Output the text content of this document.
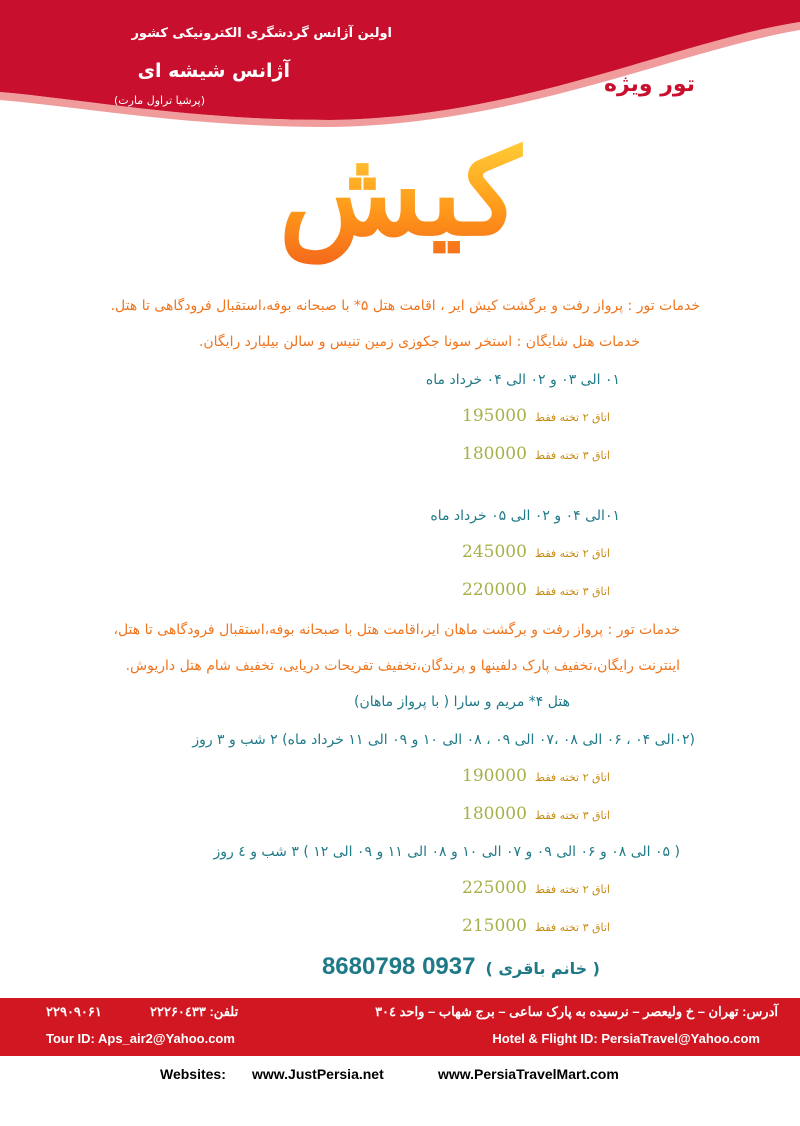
اولین آژانس گردشگری الکترونیکی کشور
آژانس شیشه ای
(پرشیا تراول مارت)
تور ویژه
کیش
خدمات تور : پرواز رفت و برگشت کیش ایر ، اقامت هتل ۵* با صبحانه بوفه،استقبال فرودگاهی تا هتل.
خدمات هتل شایگان : استخر سونا جکوزی زمین تنیس و سالن بیلیارد رایگان.
۰۱ الی ۰۳ و ۰۲ الی ۰۴ خرداد ماه
اتاق ۲ تخته فقط195000
اتاق ۳ تخته فقط180000
۰۱الی ۰۴ و ۰۲ الی ۰۵ خرداد ماه
اتاق ۲ تخته فقط245000
اتاق ۳ تخته فقط220000
خدمات تور : پرواز رفت و برگشت ماهان ایر،اقامت هتل با صبحانه بوفه،استقبال فرودگاهی تا هتل،
اینترنت رایگان،تخفیف پارک دلفینها و پرندگان،تخفیف تفریحات دریایی، تخفیف شام هتل داریوش.
هتل ۴* مریم و سارا ( با پرواز ماهان)
(۰۲الی ۰۴ ، ۰۶ الی ۰۸ ،۰۷ الی ۰۹ ، ۰۸ الی ۱۰ و ۰۹ الی ۱۱ خرداد ماه) ۲ شب و ۳ روز
اتاق ۲ تخته فقط190000
اتاق ۳ تخته فقط180000
( ۰۵ الی ۰۸ و ۰۶ الی ۰۹ و ۰۷ الی ۱۰ و ۰۸ الی ۱۱ و ۰۹ الی ۱۲ ) ۳ شب و ٤ روز
اتاق ۲ تخته فقط225000
اتاق ۳ تخته فقط215000
( خانم باقری )0937 8680798
آدرس: تهران – خ ولیعصر – نرسیده به پارک ساعی – برج شهاب – واحد ۳۰٤
تلفن: ۲۲۲۶۰٤۳۳
۲۲۹۰۹۰۶۱
Hotel & Flight ID: PersiaTravel@Yahoo.com
Tour ID: Aps_air2@Yahoo.com
Websites: www.JustPersia.net	www.PersiaTravelMart.com
